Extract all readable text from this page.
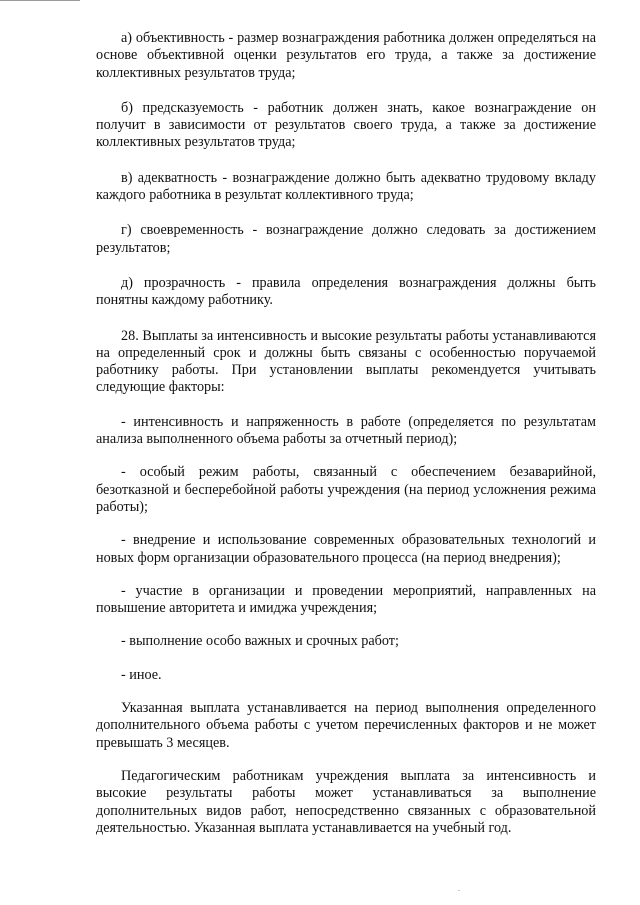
а) объективность - размер вознаграждения работника должен определяться на основе объективной оценки результатов его труда, а также за достижение коллективных результатов труда;

б) предсказуемость - работник должен знать, какое вознаграждение он получит в зависимости от результатов своего труда, а также за достижение коллективных результатов труда;

в) адекватность - вознаграждение должно быть адекватно трудовому вкладу каждого работника в результат коллективного труда;

г) своевременность - вознаграждение должно следовать за достижением результатов;

д) прозрачность - правила определения вознаграждения должны быть понятны каждому работнику.

28. Выплаты за интенсивность и высокие результаты работы устанавливаются на определенный срок и должны быть связаны с особенностью поручаемой работнику работы. При установлении выплаты рекомендуется учитывать следующие факторы:

- интенсивность и напряженность в работе (определяется по результатам анализа выполненного объема работы за отчетный период);

- особый режим работы, связанный с обеспечением безаварийной, безотказной и бесперебойной работы учреждения (на период усложнения режима работы);

- внедрение и использование современных образовательных технологий и новых форм организации образовательного процесса (на период внедрения);

- участие в организации и проведении мероприятий, направленных на повышение авторитета и имиджа учреждения;

- выполнение особо важных и срочных работ;

- иное.

Указанная выплата устанавливается на период выполнения определенного дополнительного объема работы с учетом перечисленных факторов и не может превышать 3 месяцев.

Педагогическим работникам учреждения выплата за интенсивность и высокие результаты работы может устанавливаться за выполнение дополнительных видов работ, непосредственно связанных с образовательной деятельностью. Указанная выплата устанавливается на учебный год.
